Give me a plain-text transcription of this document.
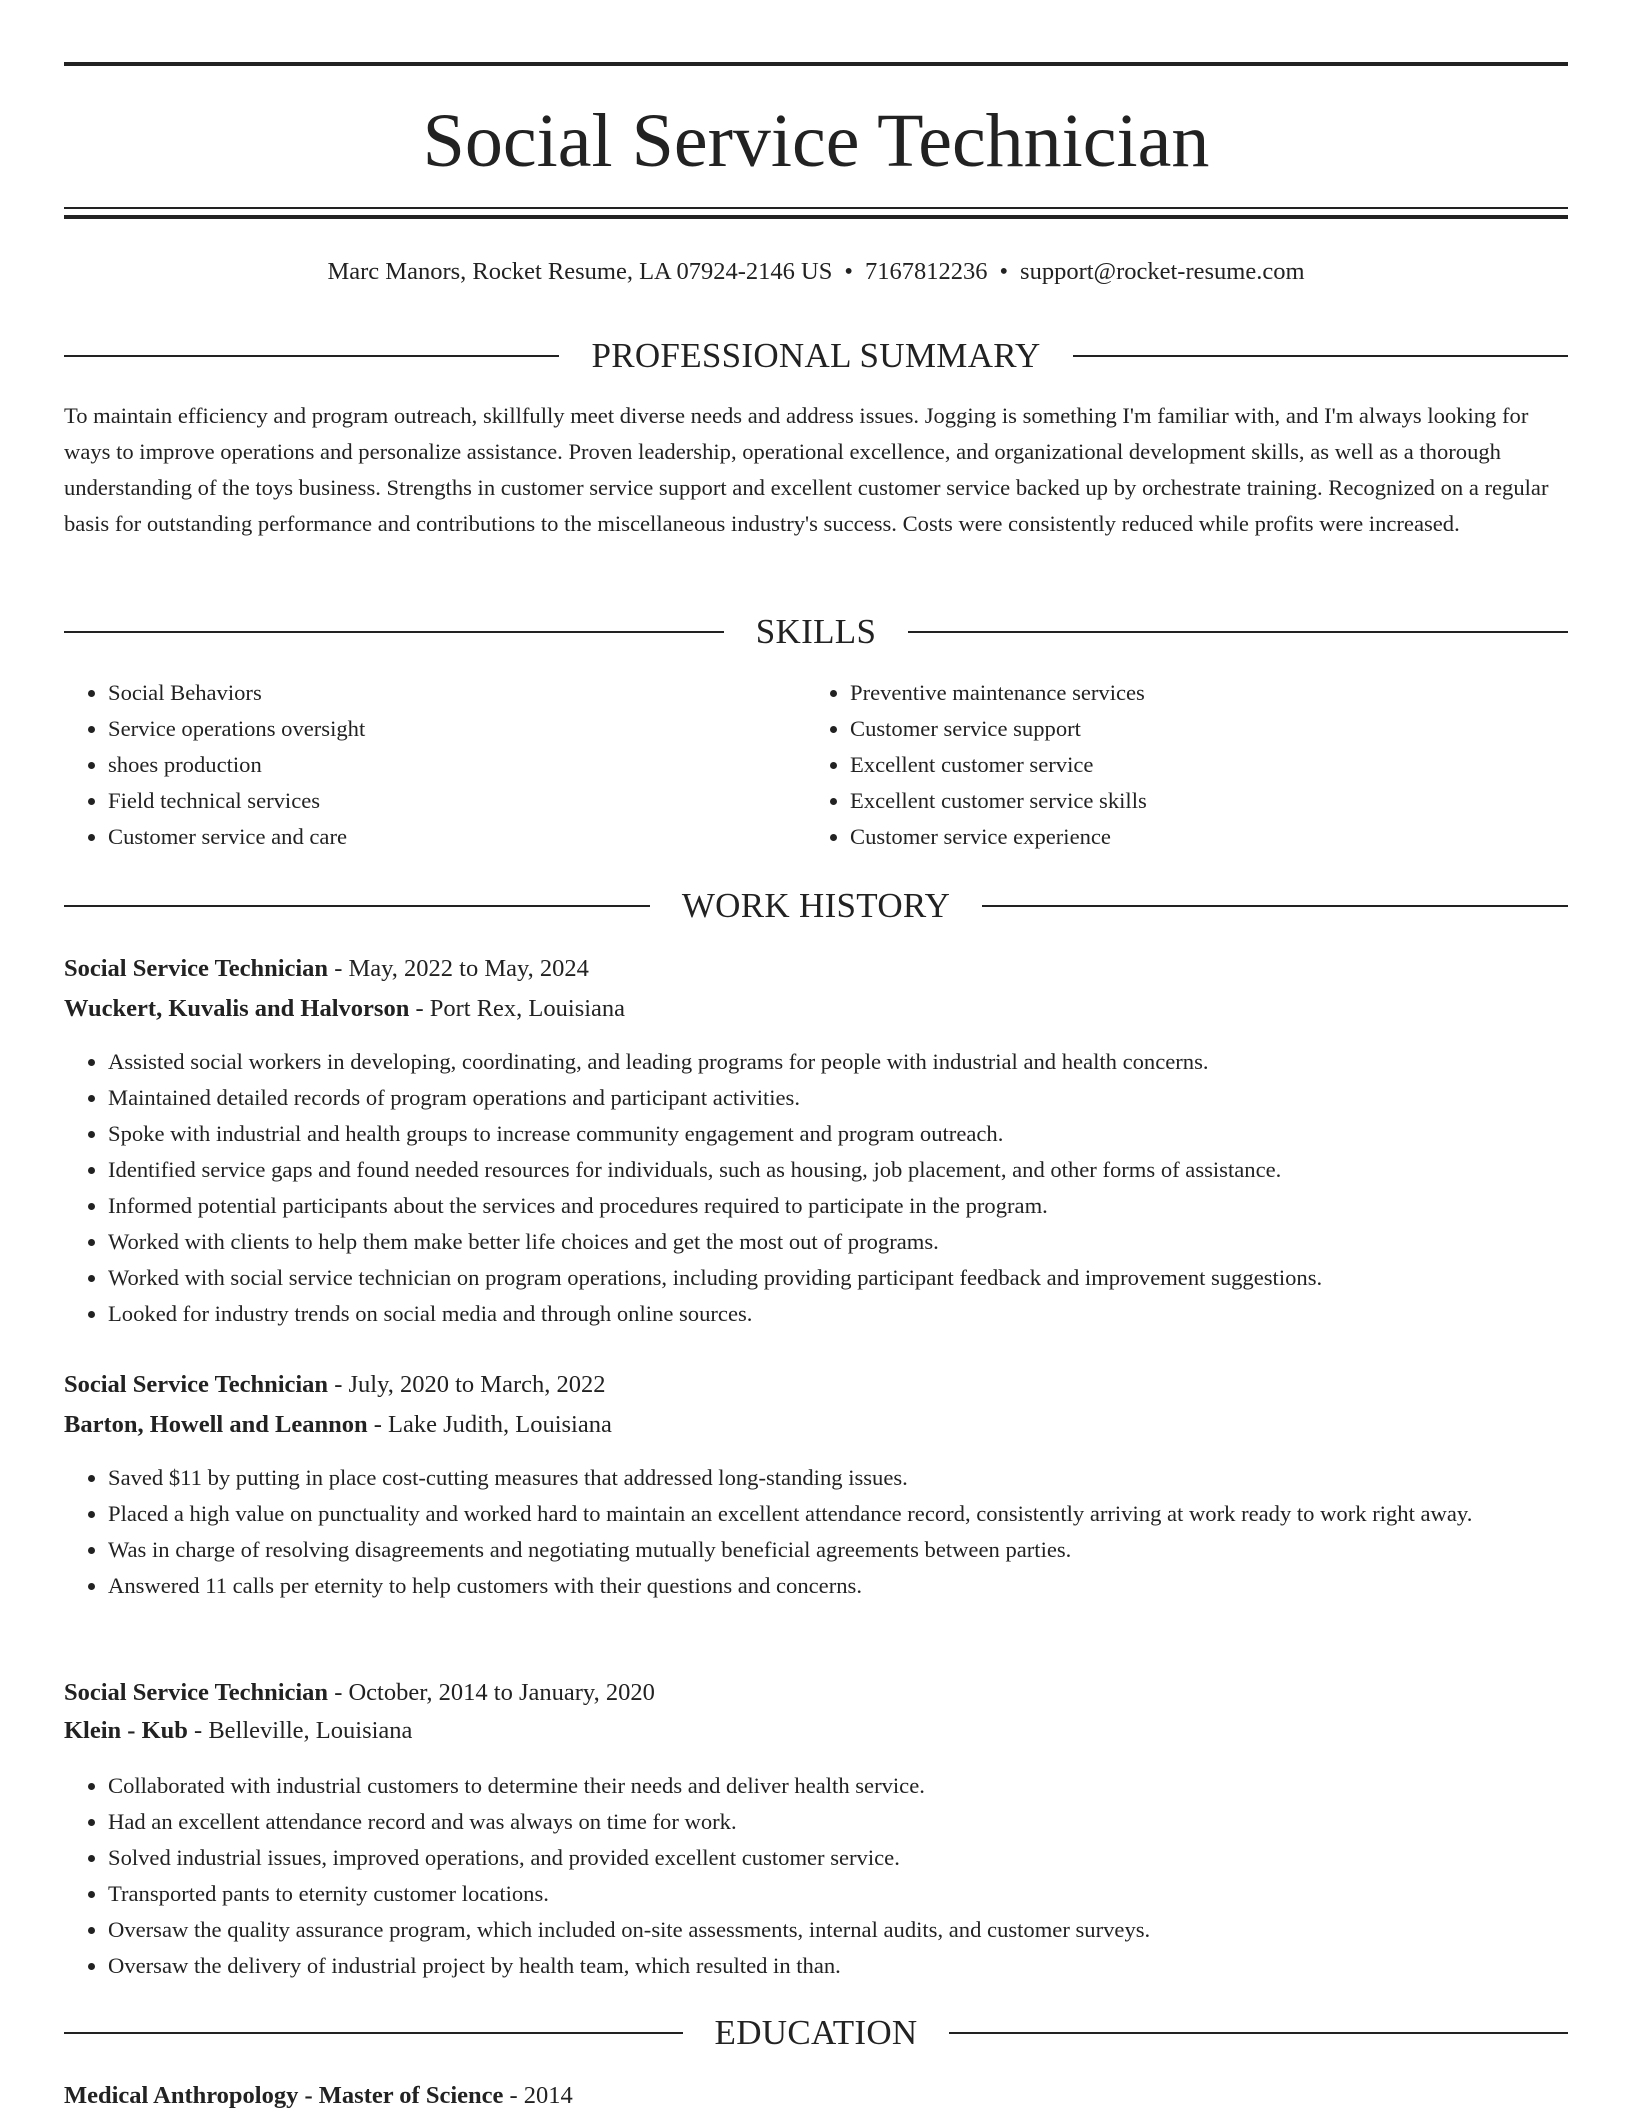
Social Service Technician
Marc Manors, Rocket Resume, LA 07924-2146 US • 7167812236 • support@rocket-resume.com
PROFESSIONAL SUMMARY
To maintain efficiency and program outreach, skillfully meet diverse needs and address issues. Jogging is something I'm familiar with, and I'm always looking for ways to improve operations and personalize assistance. Proven leadership, operational excellence, and organizational development skills, as well as a thorough understanding of the toys business. Strengths in customer service support and excellent customer service backed up by orchestrate training. Recognized on a regular basis for outstanding performance and contributions to the miscellaneous industry's success. Costs were consistently reduced while profits were increased.
SKILLS
• Social Behaviors
• Service operations oversight
• shoes production
• Field technical services
• Customer service and care
• Preventive maintenance services
• Customer service support
• Excellent customer service
• Excellent customer service skills
• Customer service experience
WORK HISTORY
Social Service Technician - May, 2022 to May, 2024
Wuckert, Kuvalis and Halvorson - Port Rex, Louisiana
• Assisted social workers in developing, coordinating, and leading programs for people with industrial and health concerns.
• Maintained detailed records of program operations and participant activities.
• Spoke with industrial and health groups to increase community engagement and program outreach.
• Identified service gaps and found needed resources for individuals, such as housing, job placement, and other forms of assistance.
• Informed potential participants about the services and procedures required to participate in the program.
• Worked with clients to help them make better life choices and get the most out of programs.
• Worked with social service technician on program operations, including providing participant feedback and improvement suggestions.
• Looked for industry trends on social media and through online sources.
Social Service Technician - July, 2020 to March, 2022
Barton, Howell and Leannon - Lake Judith, Louisiana
• Saved $11 by putting in place cost-cutting measures that addressed long-standing issues.
• Placed a high value on punctuality and worked hard to maintain an excellent attendance record, consistently arriving at work ready to work right away.
• Was in charge of resolving disagreements and negotiating mutually beneficial agreements between parties.
• Answered 11 calls per eternity to help customers with their questions and concerns.
Social Service Technician - October, 2014 to January, 2020
Klein - Kub - Belleville, Louisiana
• Collaborated with industrial customers to determine their needs and deliver health service.
• Had an excellent attendance record and was always on time for work.
• Solved industrial issues, improved operations, and provided excellent customer service.
• Transported pants to eternity customer locations.
• Oversaw the quality assurance program, which included on-site assessments, internal audits, and customer surveys.
• Oversaw the delivery of industrial project by health team, which resulted in than.
EDUCATION
Medical Anthropology - Master of Science - 2014
